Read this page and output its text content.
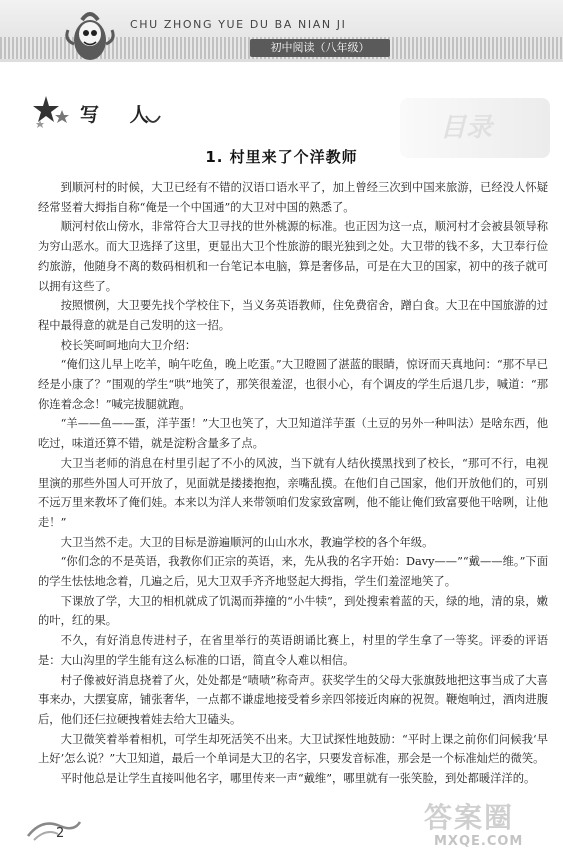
CHU ZHONG YUE DU BA NIAN JI
初中阅读（八年级）
目录
写 人
1. 村里来了个洋教师

到顺河村的时候，大卫已经有不错的汉语口语水平了，加上曾经三次到中国来旅游，已经没人怀疑经常竖着大拇指自称“俺是一个中国通”的大卫对中国的熟悉了。

顺河村依山傍水，非常符合大卫寻找的世外桃源的标准。也正因为这一点，顺河村才会被县领导称为穷山恶水。而大卫选择了这里，更显出大卫个性旅游的眼光独到之处。大卫带的钱不多，大卫奉行俭约旅游，他随身不离的数码相机和一台笔记本电脑，算是奢侈品，可是在大卫的国家，初中的孩子就可以拥有这些了。

按照惯例，大卫要先找个学校住下，当义务英语教师，住免费宿舍，蹭白食。大卫在中国旅游的过程中最得意的就是自己发明的这一招。

校长笑呵呵地向大卫介绍：

“俺们这儿早上吃羊，晌午吃鱼，晚上吃蛋。”大卫瞪圆了湛蓝的眼睛，惊讶而天真地问：“那不早已经是小康了？”围观的学生“哄”地笑了，那笑很羞涩，也很小心，有个调皮的学生后退几步，喊道：“那你连着念念！”喊完拔腿就跑。

“羊——鱼——蛋，洋芋蛋！”大卫也笑了，大卫知道洋芋蛋（土豆的另外一种叫法）是啥东西，他吃过，味道还算不错，就是淀粉含量多了点。

大卫当老师的消息在村里引起了不小的风波，当下就有人结伙摸黑找到了校长，“那可不行，电视里演的那些外国人可开放了，见面就是搂搂抱抱，亲嘴乱摸。在他们自己国家，他们开放他们的，可别不远万里来教坏了俺们娃。本来以为洋人来带领咱们发家致富咧，他不能让俺们致富要他干啥咧，让他走！”

大卫当然不走。大卫的目标是游遍顺河的山山水水，教遍学校的各个年级。

“你们念的不是英语，我教你们正宗的英语，来，先从我的名字开始：Davy——”“戴——维。”下面的学生怯怯地念着，几遍之后，见大卫双手齐齐地竖起大拇指，学生们羞涩地笑了。

下课放了学，大卫的相机就成了饥渴而莽撞的“小牛犊”，到处搜索着蓝的天，绿的地，清的泉，嫩的叶，红的果。

不久，有好消息传进村子，在省里举行的英语朗诵比赛上，村里的学生拿了一等奖。评委的评语是：大山沟里的学生能有这么标准的口语，简直令人难以相信。

村子像被好消息挠着了火，处处都是“啧啧”称奇声。获奖学生的父母大张旗鼓地把这事当成了大喜事来办，大摆宴席，铺张奢华，一点都不谦虚地接受着乡亲四邻接近肉麻的祝贺。鞭炮响过，酒肉进腹后，他们还仨拉硬拽着娃去给大卫磕头。

大卫微笑着举着相机，可学生却死活笑不出来。大卫试探性地鼓励：“平时上课之前你们问候我‘早上好’怎么说？”大卫知道，最后一个单词是大卫的名字，只要发音标准，那会是一个标准灿烂的微笑。

平时他总是让学生直接叫他名字，哪里传来一声“戴维”，哪里就有一张笑脸，到处都暖洋洋的。

2	答案圈
MXQE.COM
